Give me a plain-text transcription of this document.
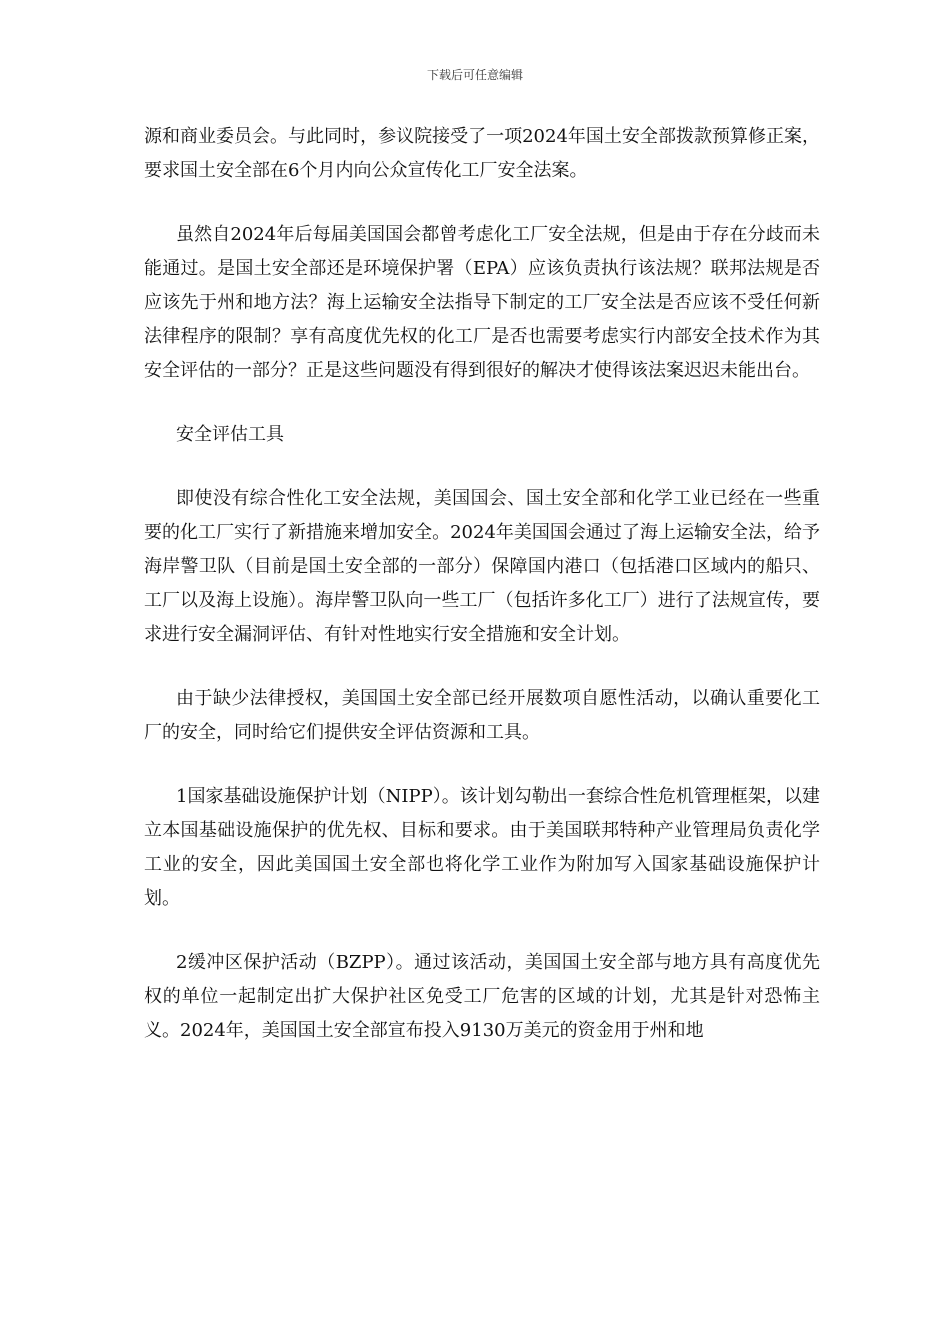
下载后可任意编辑

源和商业委员会。与此同时，参议院接受了一项2024年国土安全部拨款预算修正案，要求国土安全部在6个月内向公众宣传化工厂安全法案。

虽然自2024年后每届美国国会都曾考虑化工厂安全法规，但是由于存在分歧而未能通过。是国土安全部还是环境保护署（EPA）应该负责执行该法规？联邦法规是否应该先于州和地方法？海上运输安全法指导下制定的工厂安全法是否应该不受任何新法律程序的限制？享有高度优先权的化工厂是否也需要考虑实行内部安全技术作为其安全评估的一部分？正是这些问题没有得到很好的解决才使得该法案迟迟未能出台。

安全评估工具

即使没有综合性化工安全法规，美国国会、国土安全部和化学工业已经在一些重要的化工厂实行了新措施来增加安全。2024年美国国会通过了海上运输安全法，给予海岸警卫队（目前是国土安全部的一部分）保障国内港口（包括港口区域内的船只、工厂以及海上设施）。海岸警卫队向一些工厂（包括许多化工厂）进行了法规宣传，要求进行安全漏洞评估、有针对性地实行安全措施和安全计划。

由于缺少法律授权，美国国土安全部已经开展数项自愿性活动，以确认重要化工厂的安全，同时给它们提供安全评估资源和工具。

1国家基础设施保护计划（NIPP）。该计划勾勒出一套综合性危机管理框架，以建立本国基础设施保护的优先权、目标和要求。由于美国联邦特种产业管理局负责化学工业的安全，因此美国国土安全部也将化学工业作为附加写入国家基础设施保护计划。

2缓冲区保护活动（BZPP）。通过该活动，美国国土安全部与地方具有高度优先权的单位一起制定出扩大保护社区免受工厂危害的区域的计划，尤其是针对恐怖主义。2024年，美国国土安全部宣布投入9130万美元的资金用于州和地
